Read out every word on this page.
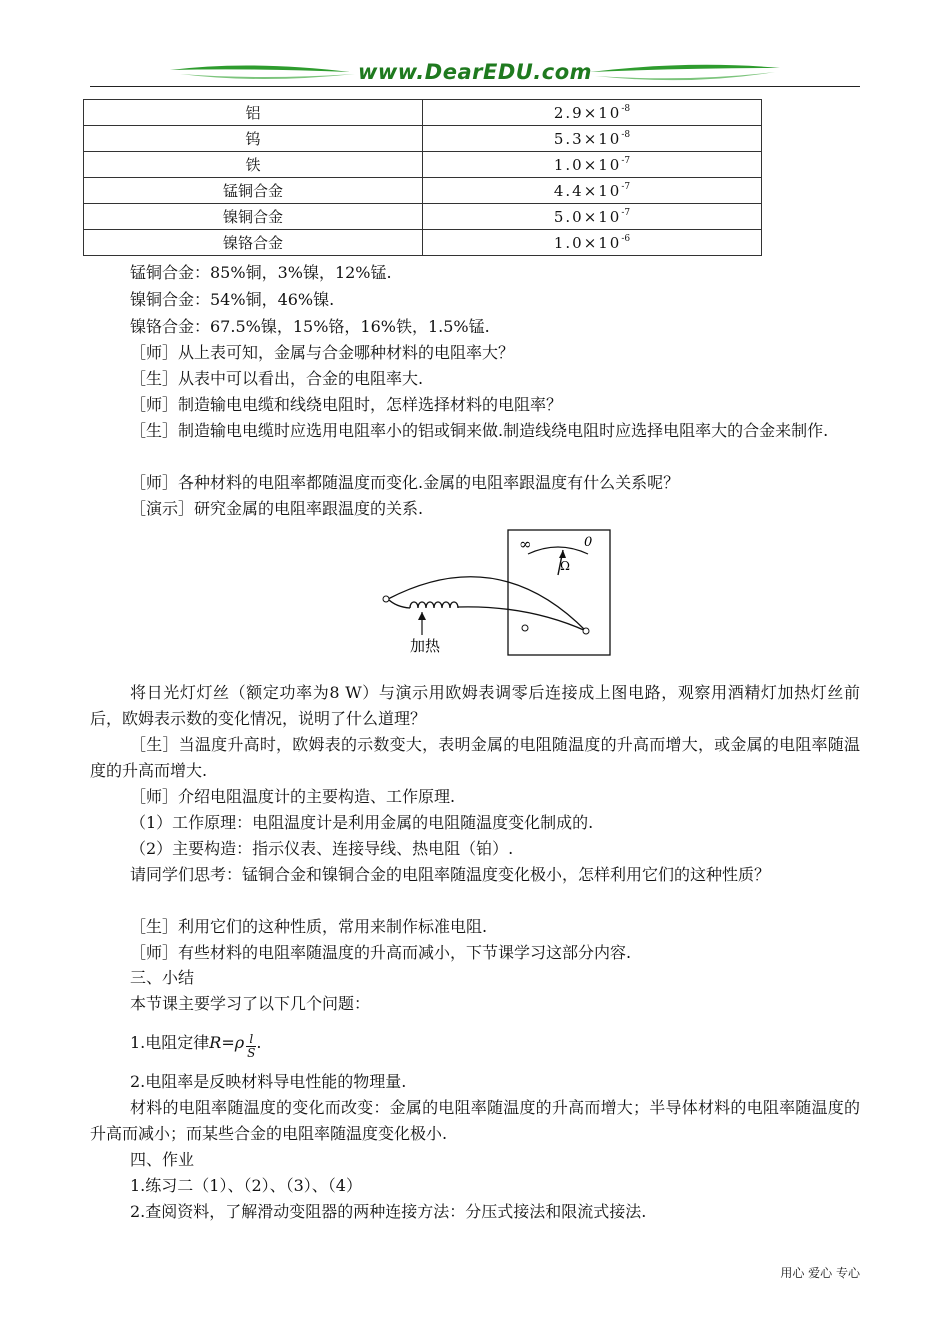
www.DearEDU.com
铝	$2.9\times 10^{-8}$
钨	$5.3\times 10^{-8}$
铁	$1.0\times 10^{-7}$
锰铜合金	$4.4\times 10^{-7}$
镍铜合金	$5.0\times 10^{-7}$
镍铬合金	$1.0\times 10^{-6}$
锰铜合金：85%铜，3%镍，12%锰.
镍铜合金：54%铜，46%镍.
镍铬合金：67.5%镍，15%铬，16%铁，1.5%锰.
［师］从上表可知，金属与合金哪种材料的电阻率大？
［生］从表中可以看出，合金的电阻率大.
［师］制造输电电缆和线绕电阻时，怎样选择材料的电阻率？
［生］制造输电电缆时应选用电阻率小的铝或铜来做.制造线绕电阻时应选择电阻率大的合金来制作.
［师］各种材料的电阻率都随温度而变化.金属的电阻率跟温度有什么关系呢？
［演示］研究金属的电阻率跟温度的关系.
∞	0
Ω
加热
将日光灯灯丝（额定功率为8 W）与演示用欧姆表调零后连接成上图电路，观察用酒精灯加热灯丝前后，欧姆表示数的变化情况，说明了什么道理？
［生］当温度升高时，欧姆表的示数变大，表明金属的电阻随温度的升高而增大，或金属的电阻率随温度的升高而增大.
［师］介绍电阻温度计的主要构造、工作原理.
（1）工作原理：电阻温度计是利用金属的电阻随温度变化制成的.
（2）主要构造：指示仪表、连接导线、热电阻（铂）.
请同学们思考：锰铜合金和镍铜合金的电阻率随温度变化极小，怎样利用它们的这种性质？
［生］利用它们的这种性质，常用来制作标准电阻.
［师］有些材料的电阻率随温度的升高而减小，下节课学习这部分内容.
三、小结
本节课主要学习了以下几个问题：
1.电阻定律$R=\rho \frac{l}{S}$ .
2.电阻率是反映材料导电性能的物理量.
材料的电阻率随温度的变化而改变：金属的电阻率随温度的升高而增大；半导体材料的电阻率随温度的升高而减小；而某些合金的电阻率随温度变化极小.
四、作业
1.练习二（1）、（2）、（3）、（4）
2.查阅资料，了解滑动变阻器的两种连接方法：分压式接法和限流式接法.
用心 爱心 专心
